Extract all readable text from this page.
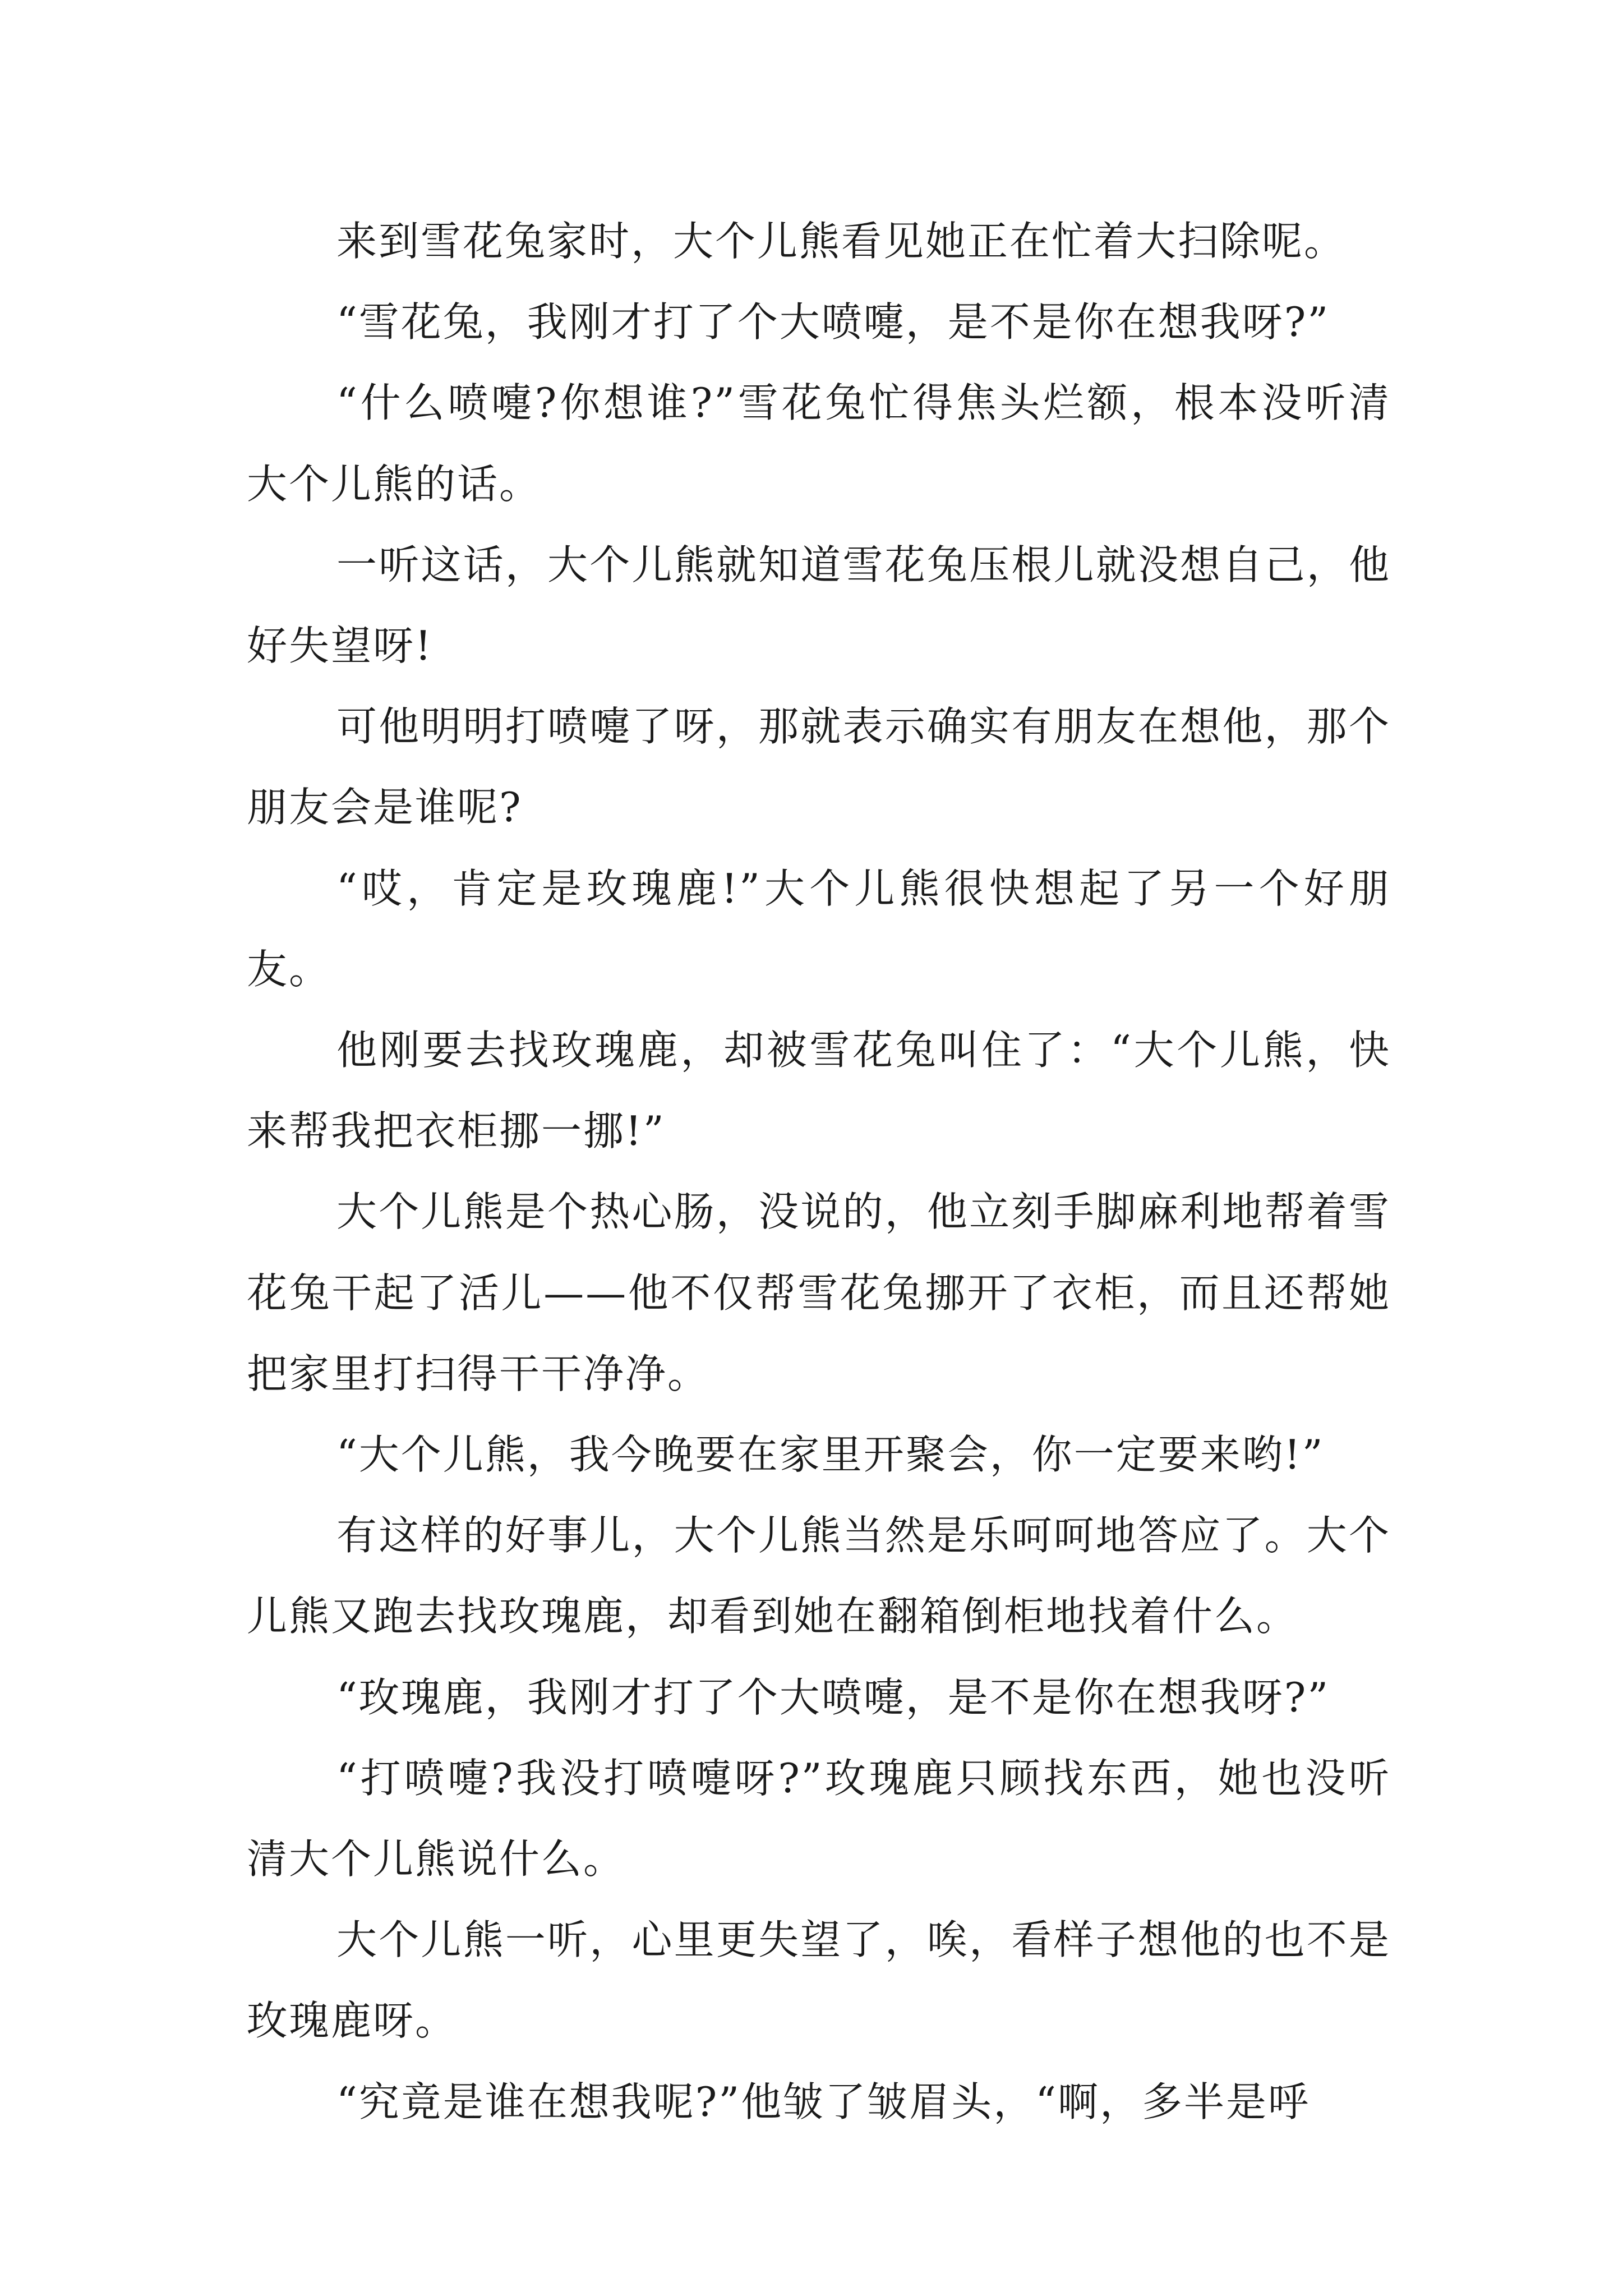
来到雪花兔家时，大个儿熊看见她正在忙着大扫除呢。

“雪花兔，我刚才打了个大喷嚏，是不是你在想我呀?”

“什么喷嚏?你想谁?”雪花兔忙得焦头烂额，根本没听清大个儿熊的话。

一听这话，大个儿熊就知道雪花兔压根儿就没想自己，他好失望呀!

可他明明打喷嚏了呀，那就表示确实有朋友在想他，那个朋友会是谁呢?

“哎，肯定是玫瑰鹿!”大个儿熊很快想起了另一个好朋友。

他刚要去找玫瑰鹿，却被雪花兔叫住了：“大个儿熊，快来帮我把衣柜挪一挪!”

大个儿熊是个热心肠，没说的，他立刻手脚麻利地帮着雪花兔干起了活儿——他不仅帮雪花兔挪开了衣柜，而且还帮她把家里打扫得干干净净。

“大个儿熊，我今晚要在家里开聚会，你一定要来哟!”

有这样的好事儿，大个儿熊当然是乐呵呵地答应了。大个儿熊又跑去找玫瑰鹿，却看到她在翻箱倒柜地找着什么。

“玫瑰鹿，我刚才打了个大喷嚏，是不是你在想我呀?”

“打喷嚏?我没打喷嚏呀?”玫瑰鹿只顾找东西，她也没听清大个儿熊说什么。

大个儿熊一听，心里更失望了，唉，看样子想他的也不是玫瑰鹿呀。

“究竟是谁在想我呢?”他皱了皱眉头，“啊，多半是呼
